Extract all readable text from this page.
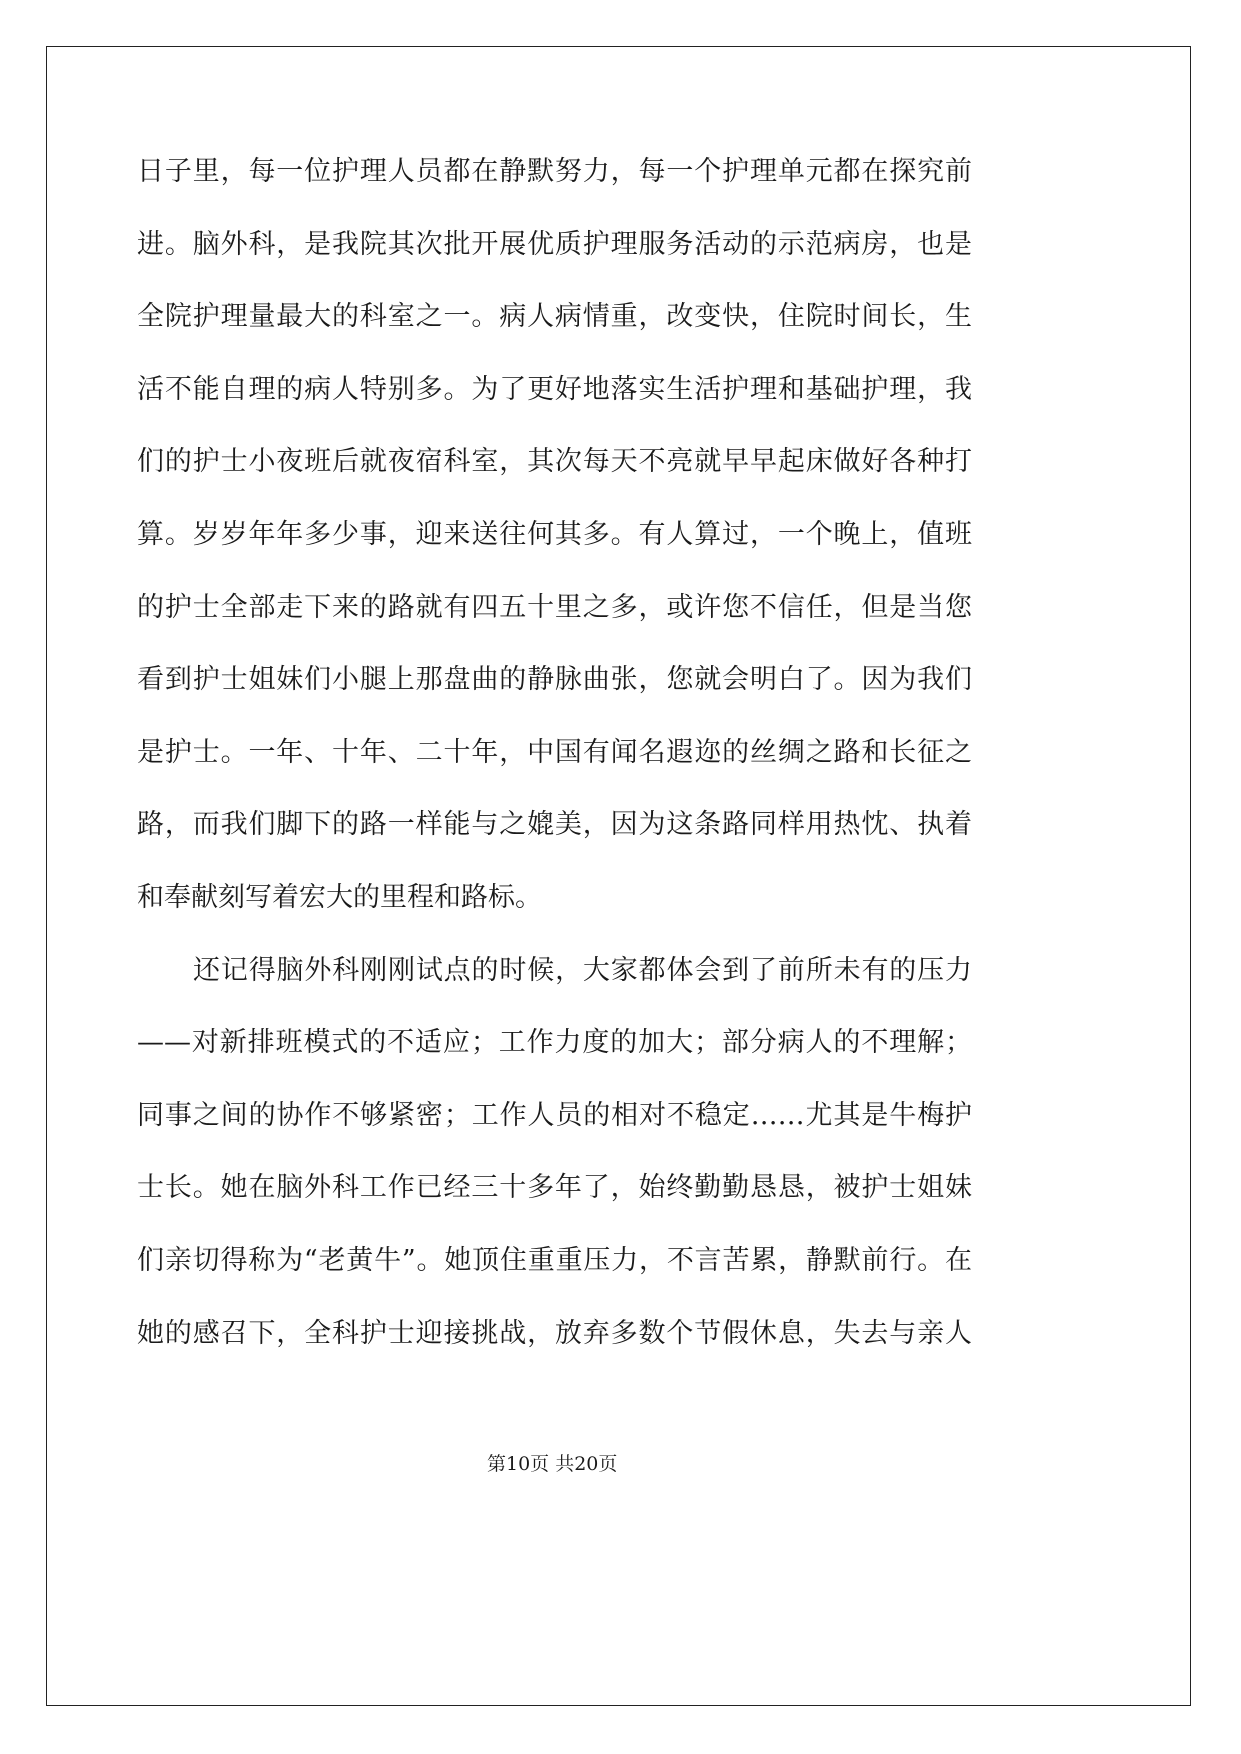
日子里，每一位护理人员都在静默努力，每一个护理单元都在探究前
进。脑外科，是我院其次批开展优质护理服务活动的示范病房，也是
全院护理量最大的科室之一。病人病情重，改变快，住院时间长，生
活不能自理的病人特别多。为了更好地落实生活护理和基础护理，我
们的护士小夜班后就夜宿科室，其次每天不亮就早早起床做好各种打
算。岁岁年年多少事，迎来送往何其多。有人算过，一个晚上，值班
的护士全部走下来的路就有四五十里之多，或许您不信任，但是当您
看到护士姐妹们小腿上那盘曲的静脉曲张，您就会明白了。因为我们
是护士。一年、十年、二十年，中国有闻名遐迩的丝绸之路和长征之
路，而我们脚下的路一样能与之媲美，因为这条路同样用热忱、执着
和奉献刻写着宏大的里程和路标。
还记得脑外科刚刚试点的时候，大家都体会到了前所未有的压力
——对新排班模式的不适应；工作力度的加大；部分病人的不理解；
同事之间的协作不够紧密；工作人员的相对不稳定……尤其是牛梅护
士长。她在脑外科工作已经三十多年了，始终勤勤恳恳，被护士姐妹
们亲切得称为“老黄牛”。她顶住重重压力，不言苦累，静默前行。在
她的感召下，全科护士迎接挑战，放弃多数个节假休息，失去与亲人
第10页 共20页
